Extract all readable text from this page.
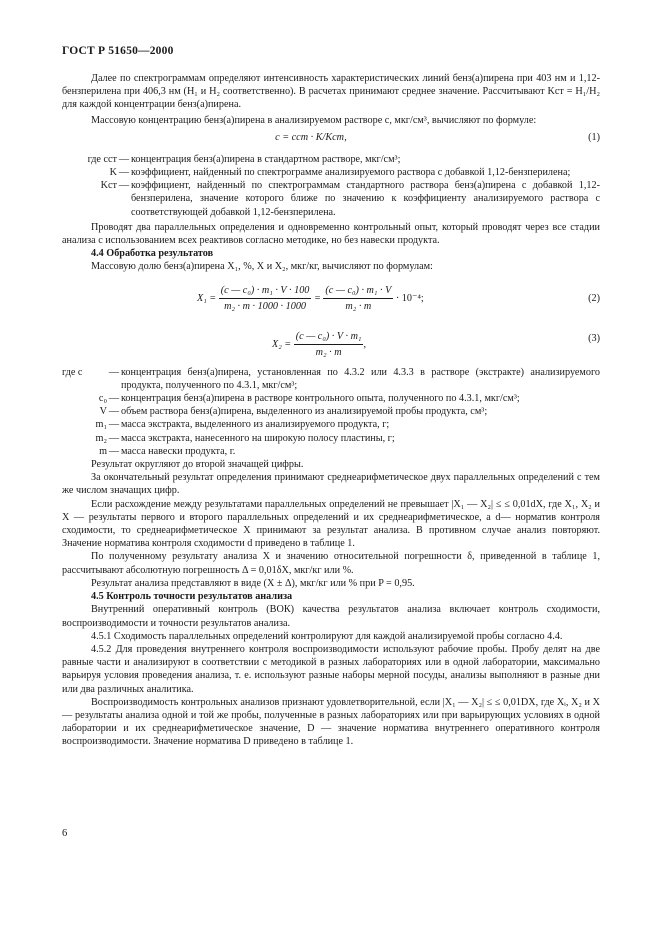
ГОСТ Р 51650—2000

Далее по спектрограммам определяют интенсивность характеристических линий бенз(а)пирена при 403 нм и 1,12-бензперилена при 406,3 нм (H₁ и H₂ соответственно). В расчетах принимают среднее значение. Рассчитывают Kст = H₁/H₂ для каждой концентрации бенз(а)пирена.

Массовую концентрацию бенз(а)пирена в анализируемом растворе c, мкг/см³, вычисляют по формуле:

c = cст · K/Kст,	(1)
где cст — концентрация бенз(а)пирена в стандартном растворе, мкг/см³;
K — коэффициент, найденный по спектрограмме анализируемого раствора с добавкой 1,12-бензперилена;
Kст — коэффициент, найденный по спектрограммам стандартного раствора бенз(а)пирена с добавкой 1,12-бензперилена, значение которого ближе по значению к коэффициенту анализируемого раствора с соответствующей добавкой 1,12-бензперилена.

Проводят два параллельных определения и одновременно контрольный опыт, который проводят через все стадии анализа с использованием всех реактивов согласно методике, но без навески продукта.

4.4 Обработка результатов

Массовую долю бенз(а)пирена X₁, %, X и X₂, мкг/кг, вычисляют по формулам:

$X_1 = \frac{\text{(c — c₀) · m₁ · V · 100}}{\text{m₂ · m · 1000 · 1000}} = \frac{\text{(c — c₀) · m₁ · V}}{\text{m₂ · m}} \cdot 10^{-4}$;	(2)
$X_2 = \frac{\text{(c — c₀) · V · m₁}}{\text{m₂ · m}}$ ,
(3)
где c	— концентрация бенз(а)пирена, установленная по 4.3.2 или 4.3.3 в растворе (экстракте) анализируемого продукта, полученного по 4.3.1, мкг/см³;
c₀ — концентрация бенз(а)пирена в растворе контрольного опыта, полученного по 4.3.1, мкг/см³;
V — объем раствора бенз(а)пирена, выделенного из анализируемой пробы продукта, см³;
m₁ — масса экстракта, выделенного из анализируемого продукта, г;
m₂ — масса экстракта, нанесенного на широкую полосу пластины, г;
m — масса навески продукта, г.

Результат округляют до второй значащей цифры.

За окончательный результат определения принимают среднеарифметическое двух параллельных определений с тем же числом значащих цифр.

Если расхождение между результатами параллельных определений не превышает |X₁ — X₂| ≤ ≤ 0,01dX, где X₁, X₂ и X — результаты первого и второго параллельных определений и их среднеарифметическое, а d— норматив контроля сходимости, то среднеарифметическое X принимают за результат анализа. В противном случае анализ повторяют. Значение норматива контроля сходимости d приведено в таблице 1.

По полученному результату анализа X и значению относительной погрешности δ, приведенной в таблице 1, рассчитывают абсолютную погрешность Δ = 0,01δX, мкг/кг или %.

Результат анализа представляют в виде (X ± Δ), мкг/кг или % при P = 0,95.

4.5 Контроль точности результатов анализа

Внутренний оперативный контроль (ВОК) качества результатов анализа включает контроль сходимости, воспроизводимости и точности результатов анализа.

4.5.1 Сходимость параллельных определений контролируют для каждой анализируемой пробы согласно 4.4.

4.5.2 Для проведения внутреннего контроля воспроизводимости используют рабочие пробы. Пробу делят на две равные части и анализируют в соответствии с методикой в разных лабораториях или в одной лаборатории, максимально варьируя условия проведения анализа, т. е. используют разные наборы мерной посуды, анализы выполняют в разные дни или два различных аналитика.

Воспроизводимость контрольных анализов признают удовлетворительной, если |X₁ — X₂| ≤ ≤ 0,01DX, где Xᵢ, X₂ и X — результаты анализа одной и той же пробы, полученные в разных лабораториях или при варьирующих условиях в одной лаборатории и их среднеарифметическое значение, D — значение норматива внутреннего оперативного контроля воспроизводимости. Значение норматива D приведено в таблице 1.

6
